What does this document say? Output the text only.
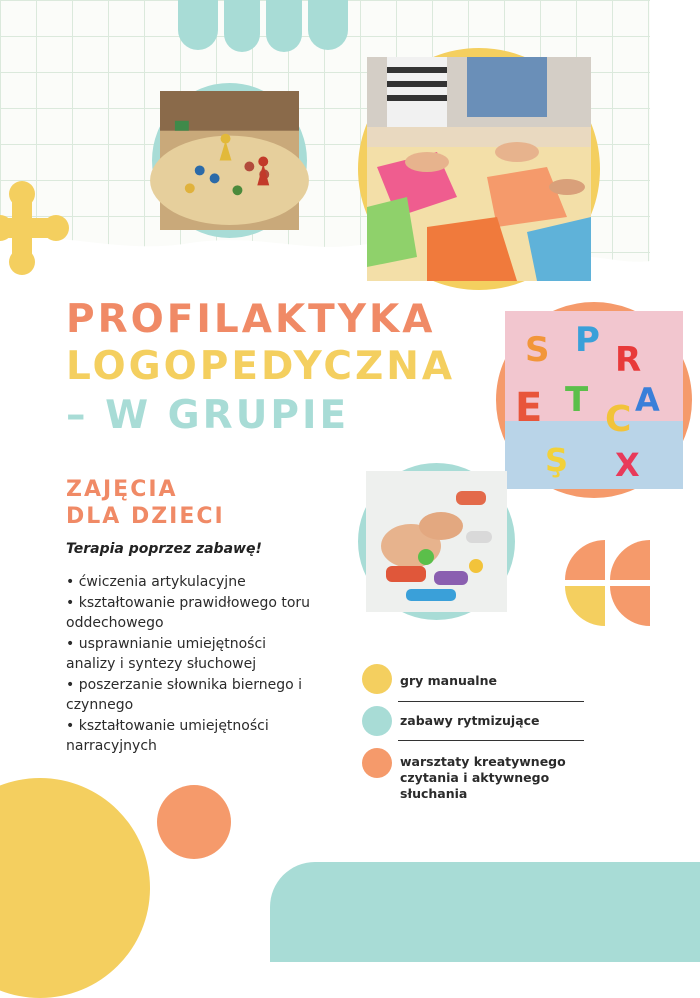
S P R
E T C A
Ş X
PROFILAKTYKA
LOGOPEDYCZNA
– W GRUPIE
ZAJĘCIA
DLA DZIECI
Terapia poprzez zabawę!
• ćwiczenia artykulacyjne
• kształtowanie prawidłowego toru oddechowego
• usprawnianie umiejętności analizy i syntezy słuchowej
• poszerzanie słownika biernego i czynnego
• kształtowanie umiejętności narracyjnych
gry manualne
zabawy rytmizujące
warsztaty kreatywnego czytania i aktywnego słuchania
